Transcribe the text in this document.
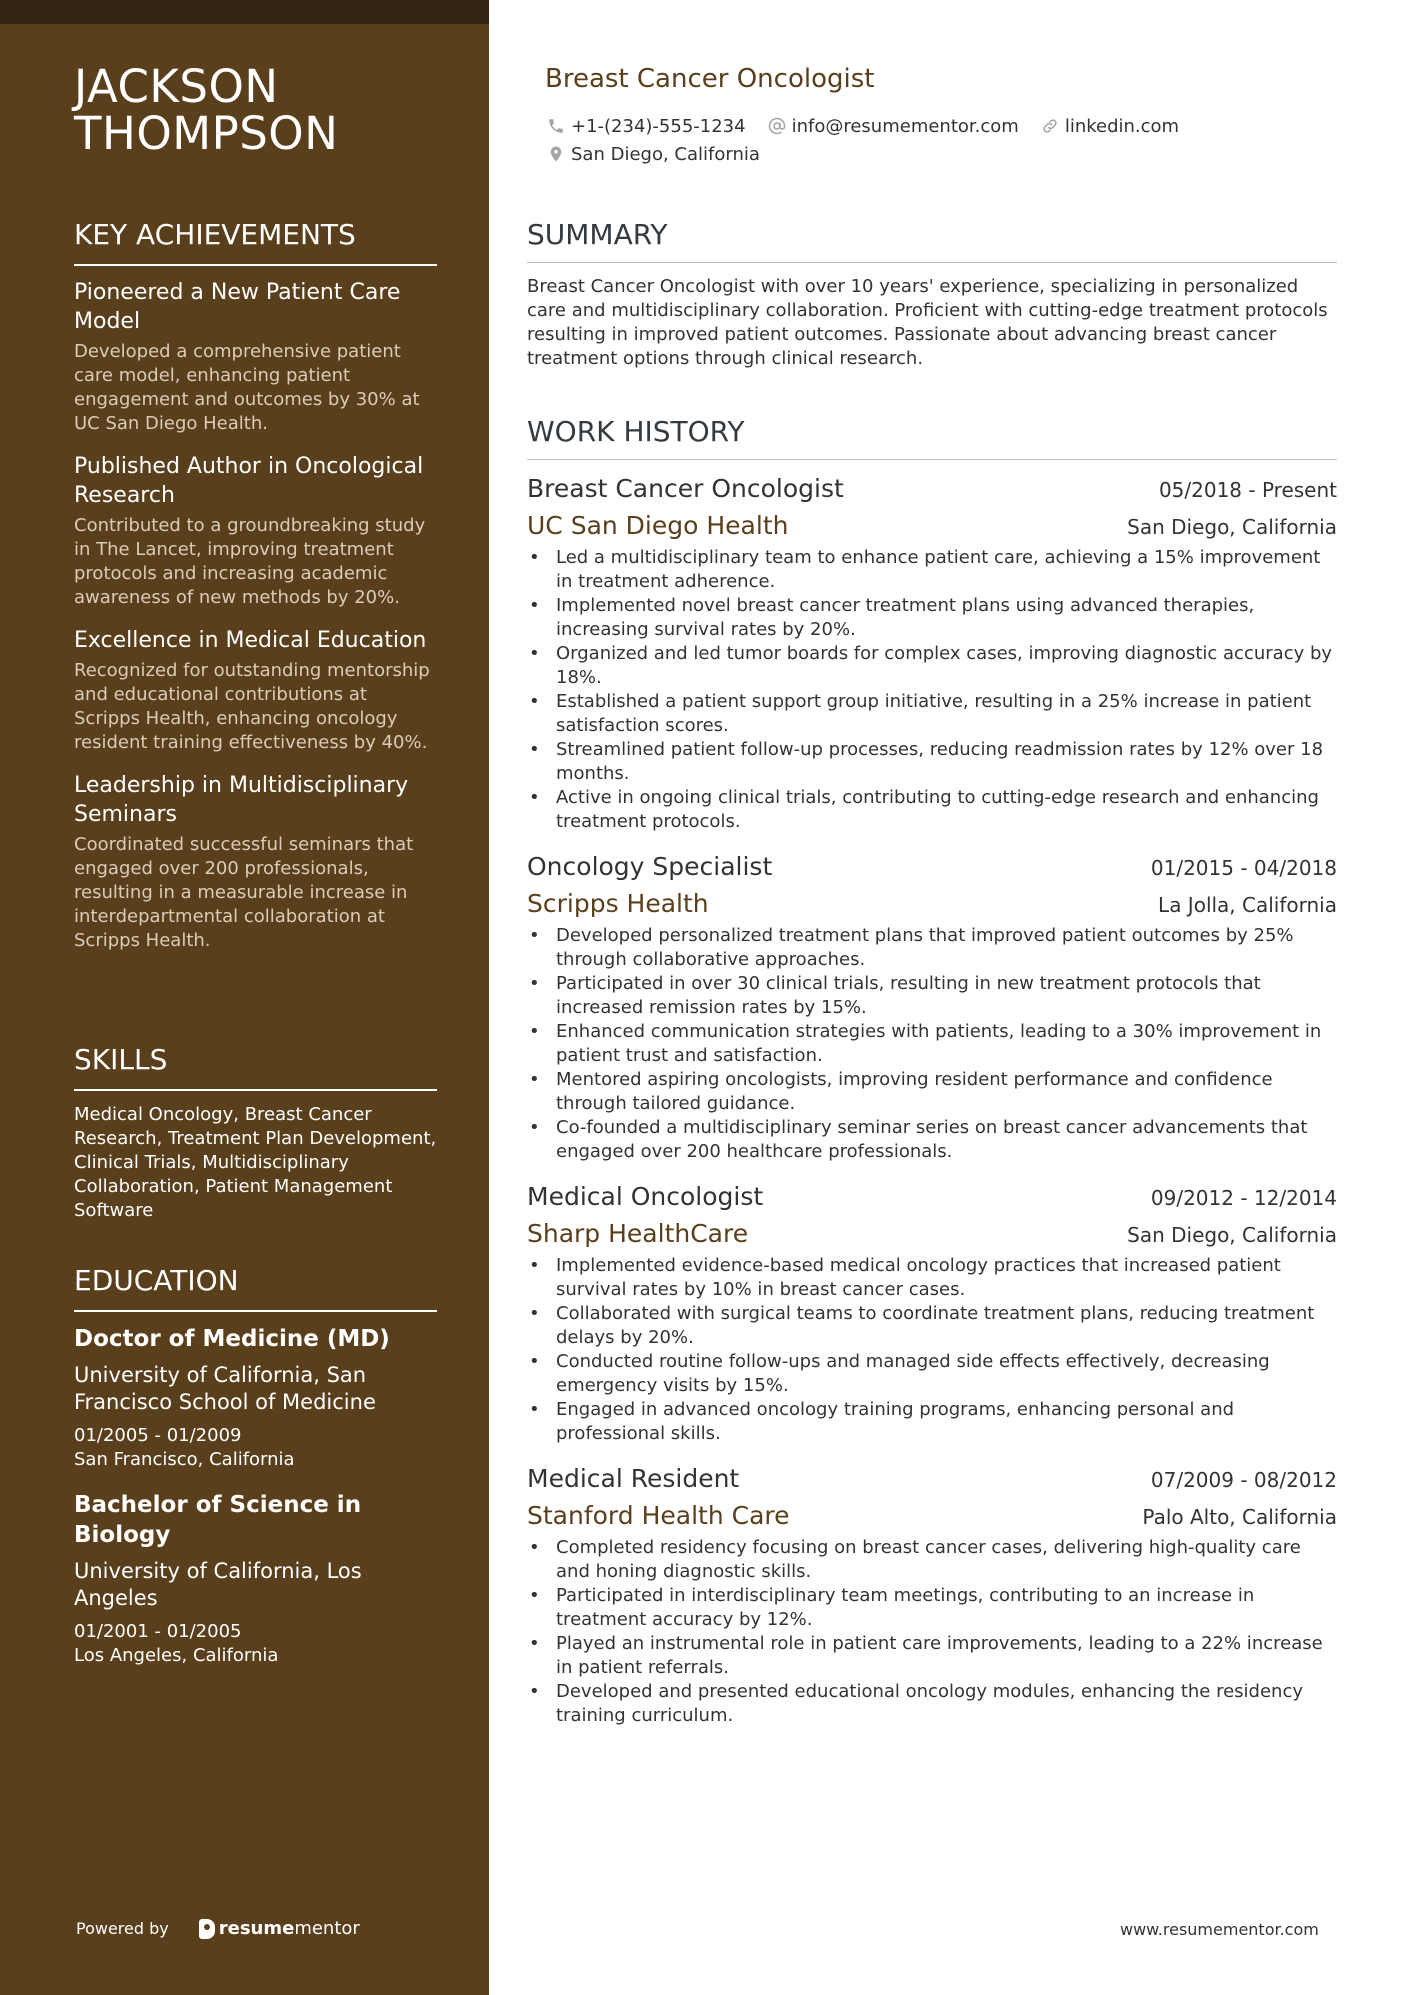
JACKSON
THOMPSON
KEY ACHIEVEMENTS
Pioneered a New Patient Care Model
Developed a comprehensive patient care model, enhancing patient engagement and outcomes by 30% at UC San Diego Health.
Published Author in Oncological Research
Contributed to a groundbreaking study in The Lancet, improving treatment protocols and increasing academic awareness of new methods by 20%.
Excellence in Medical Education
Recognized for outstanding mentorship and educational contributions at Scripps Health, enhancing oncology resident training effectiveness by 40%.
Leadership in Multidisciplinary Seminars
Coordinated successful seminars that engaged over 200 professionals, resulting in a measurable increase in interdepartmental collaboration at Scripps Health.
SKILLS
Medical Oncology, Breast Cancer Research, Treatment Plan Development, Clinical Trials, Multidisciplinary Collaboration, Patient Management Software
EDUCATION
Doctor of Medicine (MD)
University of California, San Francisco School of Medicine
01/2005 - 01/2009
San Francisco, California
Bachelor of Science in Biology
University of California, Los Angeles
01/2001 - 01/2005
Los Angeles, California
Powered by	resume mentor
Breast Cancer Oncologist
+1-(234)-555-1234	info@resumementor.com	linkedin.com
San Diego, California
SUMMARY
Breast Cancer Oncologist with over 10 years' experience, specializing in personalized care and multidisciplinary collaboration. Proficient with cutting-edge treatment protocols resulting in improved patient outcomes. Passionate about advancing breast cancer treatment options through clinical research.
WORK HISTORY
Breast Cancer Oncologist	05/2018 - Present
UC San Diego Health	San Diego, California
• Led a multidisciplinary team to enhance patient care, achieving a 15% improvement in treatment adherence.
• Implemented novel breast cancer treatment plans using advanced therapies, increasing survival rates by 20%.
• Organized and led tumor boards for complex cases, improving diagnostic accuracy by 18%.
• Established a patient support group initiative, resulting in a 25% increase in patient satisfaction scores.
• Streamlined patient follow-up processes, reducing readmission rates by 12% over 18 months.
• Active in ongoing clinical trials, contributing to cutting-edge research and enhancing treatment protocols.
Oncology Specialist	01/2015 - 04/2018
Scripps Health	La Jolla, California
• Developed personalized treatment plans that improved patient outcomes by 25% through collaborative approaches.
• Participated in over 30 clinical trials, resulting in new treatment protocols that increased remission rates by 15%.
• Enhanced communication strategies with patients, leading to a 30% improvement in patient trust and satisfaction.
• Mentored aspiring oncologists, improving resident performance and confidence through tailored guidance.
• Co-founded a multidisciplinary seminar series on breast cancer advancements that engaged over 200 healthcare professionals.
Medical Oncologist	09/2012 - 12/2014
Sharp HealthCare	San Diego, California
• Implemented evidence-based medical oncology practices that increased patient survival rates by 10% in breast cancer cases.
• Collaborated with surgical teams to coordinate treatment plans, reducing treatment delays by 20%.
• Conducted routine follow-ups and managed side effects effectively, decreasing emergency visits by 15%.
• Engaged in advanced oncology training programs, enhancing personal and professional skills.
Medical Resident	07/2009 - 08/2012
Stanford Health Care	Palo Alto, California
• Completed residency focusing on breast cancer cases, delivering high-quality care and honing diagnostic skills.
• Participated in interdisciplinary team meetings, contributing to an increase in treatment accuracy by 12%.
• Played an instrumental role in patient care improvements, leading to a 22% increase in patient referrals.
• Developed and presented educational oncology modules, enhancing the residency training curriculum.
www.resumementor.com
